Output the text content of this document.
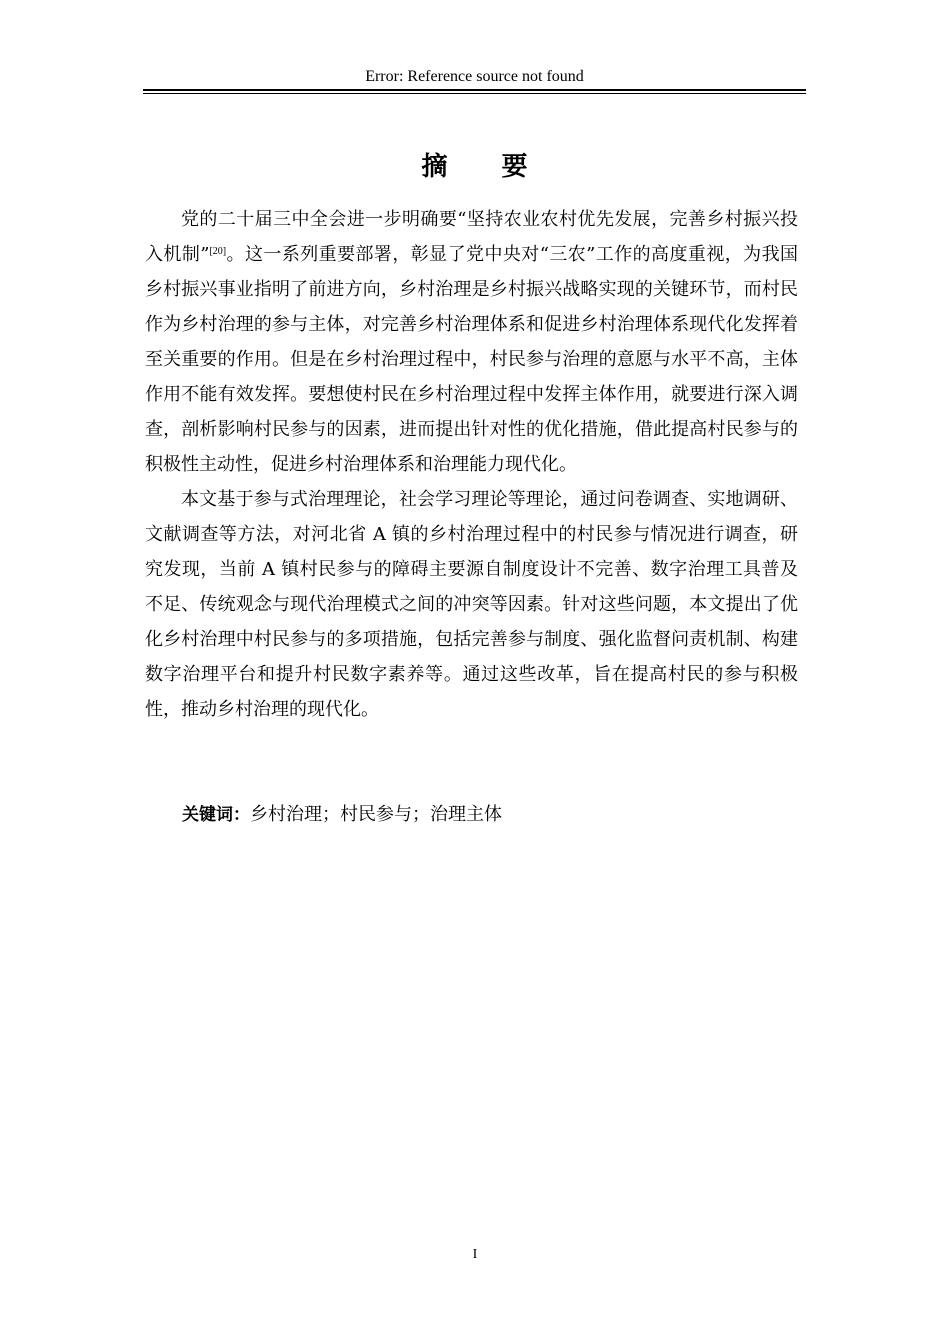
Error: Reference source not found
摘　要

党的二十届三中全会进一步明确要“坚持农业农村优先发展，完善乡村振兴投入机制”[20]。这一系列重要部署，彰显了党中央对“三农”工作的高度重视，为我国乡村振兴事业指明了前进方向，乡村治理是乡村振兴战略实现的关键环节，而村民作为乡村治理的参与主体，对完善乡村治理体系和促进乡村治理体系现代化发挥着至关重要的作用。但是在乡村治理过程中，村民参与治理的意愿与水平不高，主体作用不能有效发挥。要想使村民在乡村治理过程中发挥主体作用，就要进行深入调查，剖析影响村民参与的因素，进而提出针对性的优化措施，借此提高村民参与的积极性主动性，促进乡村治理体系和治理能力现代化。

本文基于参与式治理理论，社会学习理论等理论，通过问卷调查、实地调研、文献调查等方法，对河北省 A 镇的乡村治理过程中的村民参与情况进行调查，研究发现，当前 A 镇村民参与的障碍主要源自制度设计不完善、数字治理工具普及不足、传统观念与现代治理模式之间的冲突等因素。针对这些问题，本文提出了优化乡村治理中村民参与的多项措施，包括完善参与制度、强化监督问责机制、构建数字治理平台和提升村民数字素养等。通过这些改革，旨在提高村民的参与积极性，推动乡村治理的现代化。

关键词：乡村治理；村民参与；治理主体
I
